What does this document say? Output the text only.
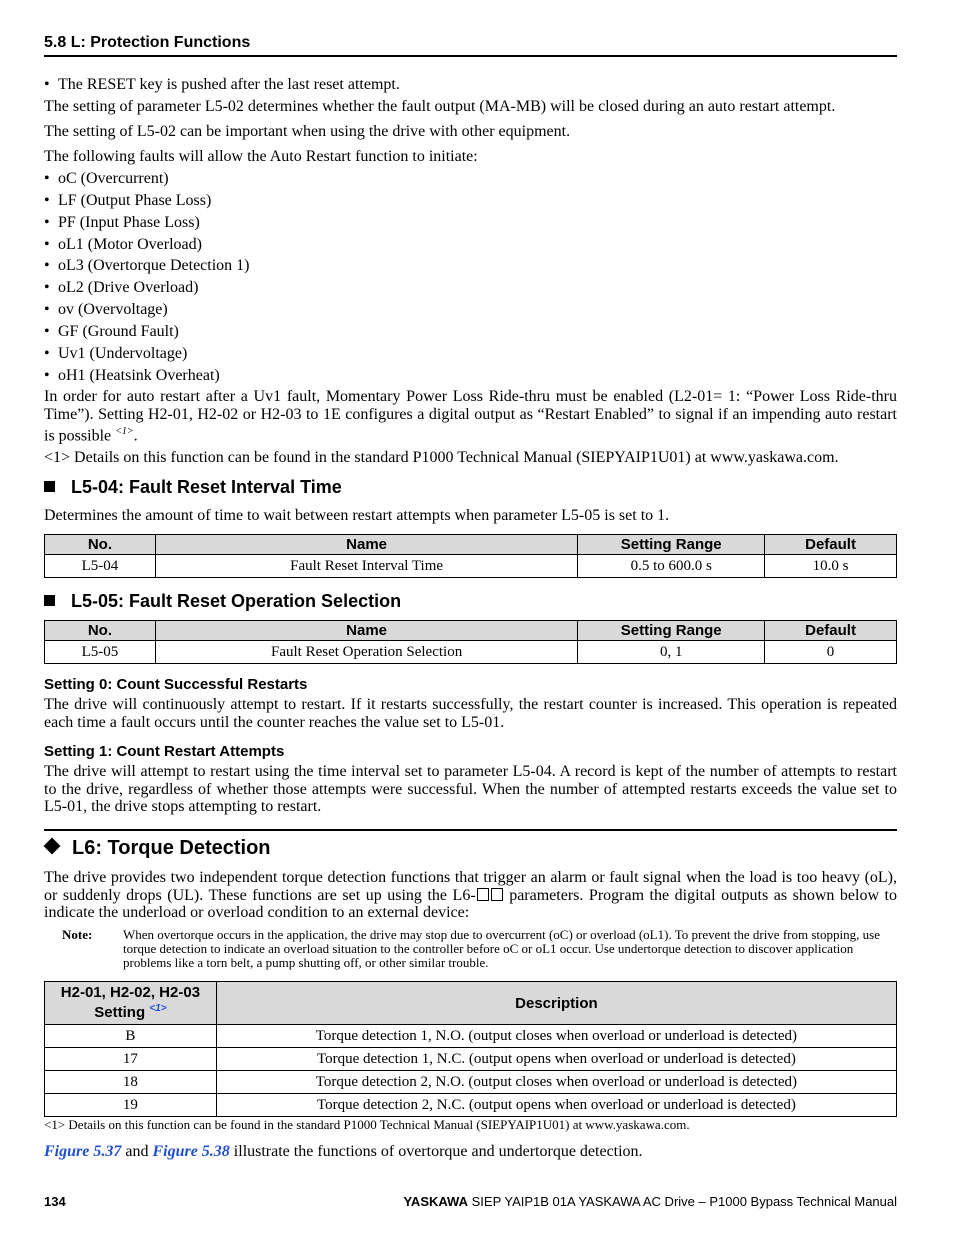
5.8 L: Protection Functions
• The RESET key is pushed after the last reset attempt.
The setting of parameter L5-02 determines whether the fault output (MA-MB) will be closed during an auto restart attempt.
The setting of L5-02 can be important when using the drive with other equipment.
The following faults will allow the Auto Restart function to initiate:
• oC (Overcurrent)
• LF (Output Phase Loss)
• PF (Input Phase Loss)
• oL1 (Motor Overload)
• oL3 (Overtorque Detection 1)
• oL2 (Drive Overload)
• ov (Overvoltage)
• GF (Ground Fault)
• Uv1 (Undervoltage)
• oH1 (Heatsink Overheat)
In order for auto restart after a Uv1 fault, Momentary Power Loss Ride-thru must be enabled (L2-01= 1: “Power Loss Ride-thru Time”). Setting H2-01, H2-02 or H2-03 to 1E configures a digital output as “Restart Enabled” to signal if an impending auto restart is possible $^{<1>}$.
<1> Details on this function can be found in the standard P1000 Technical Manual (SIEPYAIP1U01) at www.yaskawa.com.
L5-04: Fault Reset Interval Time
Determines the amount of time to wait between restart attempts when parameter L5-05 is set to 1.
No.	Name	Setting Range	Default
L5-04	Fault Reset Interval Time	0.5 to 600.0 s	10.0 s
L5-05: Fault Reset Operation Selection
No.	Name	Setting Range	Default
L5-05	Fault Reset Operation Selection	0, 1	0
Setting 0: Count Successful Restarts
The drive will continuously attempt to restart. If it restarts successfully, the restart counter is increased. This operation is repeated each time a fault occurs until the counter reaches the value set to L5-01.
Setting 1: Count Restart Attempts
The drive will attempt to restart using the time interval set to parameter L5-04. A record is kept of the number of attempts to restart to the drive, regardless of whether those attempts were successful. When the number of attempted restarts exceeds the value set to L5-01, the drive stops attempting to restart.
L6: Torque Detection
The drive provides two independent torque detection functions that trigger an alarm or fault signal when the load is too heavy (oL), or suddenly drops (UL). These functions are set up using the L6- parameters. Program the digital outputs as shown below to indicate the underload or overload condition to an external device:
Note: When overtorque occurs in the application, the drive may stop due to overcurrent (oC) or overload (oL1). To prevent the drive from stopping, use torque detection to indicate an overload situation to the controller before oC or oL1 occur. Use undertorque detection to discover application problems like a torn belt, a pump shutting off, or other similar trouble.
H2-01, H2-02, H2-03
Setting $^{<1>}$	Description
B	Torque detection 1, N.O. (output closes when overload or underload is detected)
17	Torque detection 1, N.C. (output opens when overload or underload is detected)
18	Torque detection 2, N.O. (output closes when overload or underload is detected)
19	Torque detection 2, N.C. (output opens when overload or underload is detected)
<1> Details on this function can be found in the standard P1000 Technical Manual (SIEPYAIP1U01) at www.yaskawa.com.
Figure 5.37 and Figure 5.38 illustrate the functions of overtorque and undertorque detection.
134	YASKAWA SIEP YAIP1B 01A YASKAWA AC Drive – P1000 Bypass Technical Manual
